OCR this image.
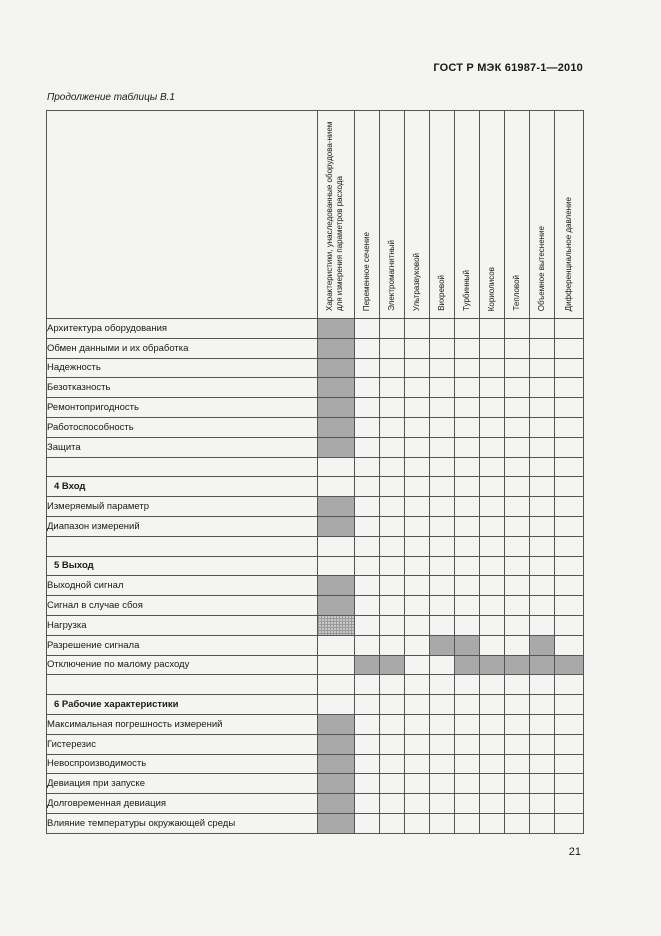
ГОСТ Р МЭК 61987-1—2010
Продолжение таблицы В.1
	Характеристики, унаследованные оборудова-нием для измерения параметров расхода	Переменное сечение	Электромагнитный	Ультразвуковой	Вихревой	Турбинный	Кориолисов	Тепловой	Объемное вытеснение	Дифференциальное давление
Архитектура оборудования										
Обмен данными и их обработка										
Надежность										
Безотказность										
Ремонтопригодность										
Работоспособность										
Защита										

4 Вход										
Измеряемый параметр										
Диапазон измерений										

5 Выход										
Выходной сигнал										
Сигнал в случае сбоя										
Нагрузка										
Разрешение сигнала										
Отключение по малому расходу										

6 Рабочие характеристики										
Максимальная погрешность измерений										
Гистерезис										
Невоспроизводимость										
Девиация при запуске										
Долговременная девиация										
Влияние температуры окружающей среды										
21
